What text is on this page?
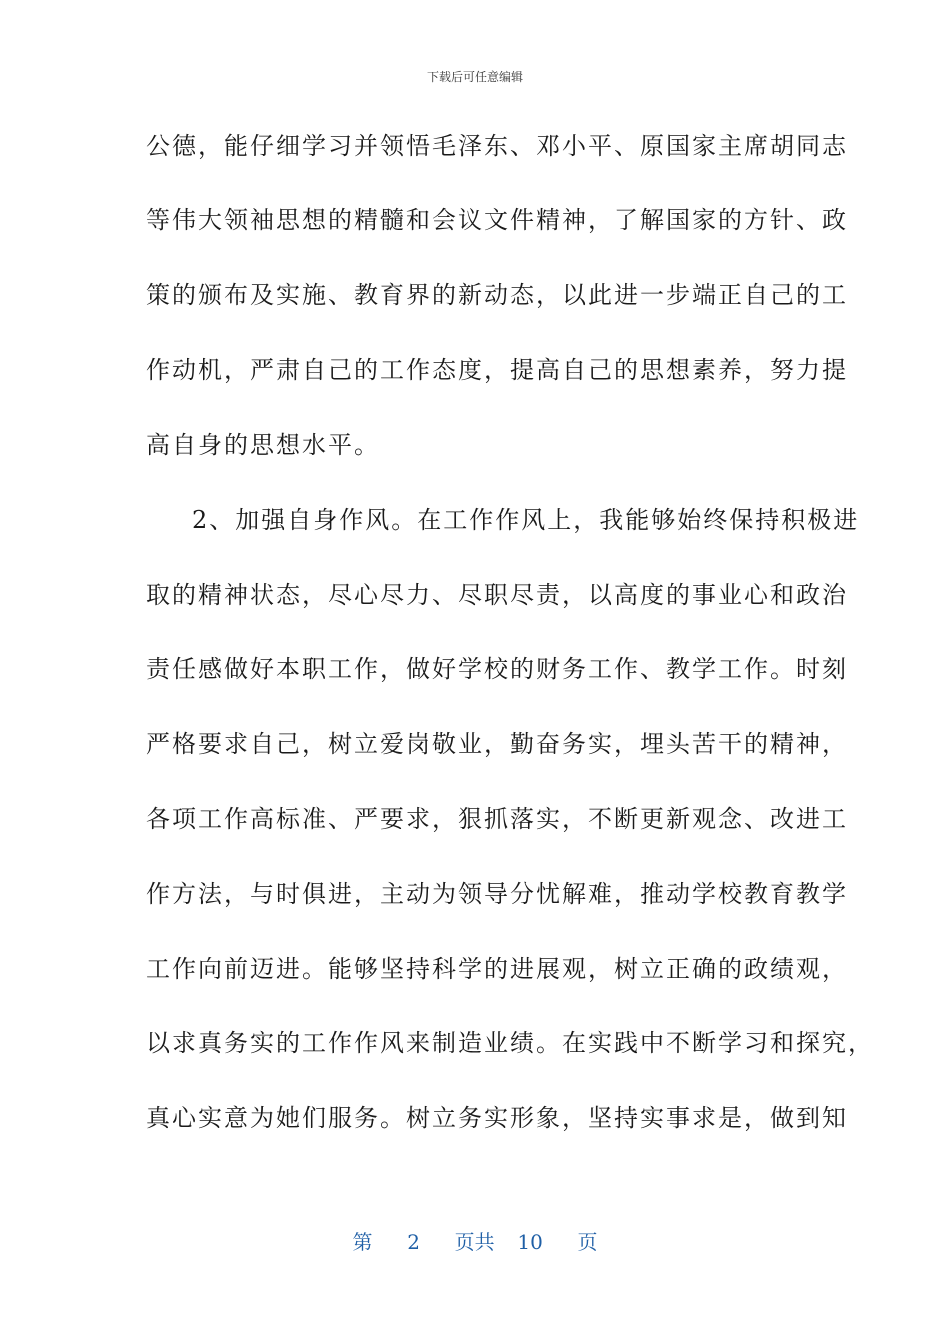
下载后可任意编辑
公德，能仔细学习并领悟毛泽东、邓小平、原国家主席胡同志
等伟大领袖思想的精髓和会议文件精神，了解国家的方针、政
策的颁布及实施、教育界的新动态，以此进一步端正自己的工
作动机，严肃自己的工作态度，提高自己的思想素养，努力提
高自身的思想水平。
2、加强自身作风。在工作作风上，我能够始终保持积极进
取的精神状态，尽心尽力、尽职尽责，以高度的事业心和政治
责任感做好本职工作，做好学校的财务工作、教学工作。时刻
严格要求自己，树立爱岗敬业，勤奋务实，埋头苦干的精神，
各项工作高标准、严要求，狠抓落实，不断更新观念、改进工
作方法，与时俱进，主动为领导分忧解难，推动学校教育教学
工作向前迈进。能够坚持科学的进展观，树立正确的政绩观，
以求真务实的工作作风来制造业绩。在实践中不断学习和探究，
真心实意为她们服务。树立务实形象，坚持实事求是，做到知
第 2 页共 10 页
